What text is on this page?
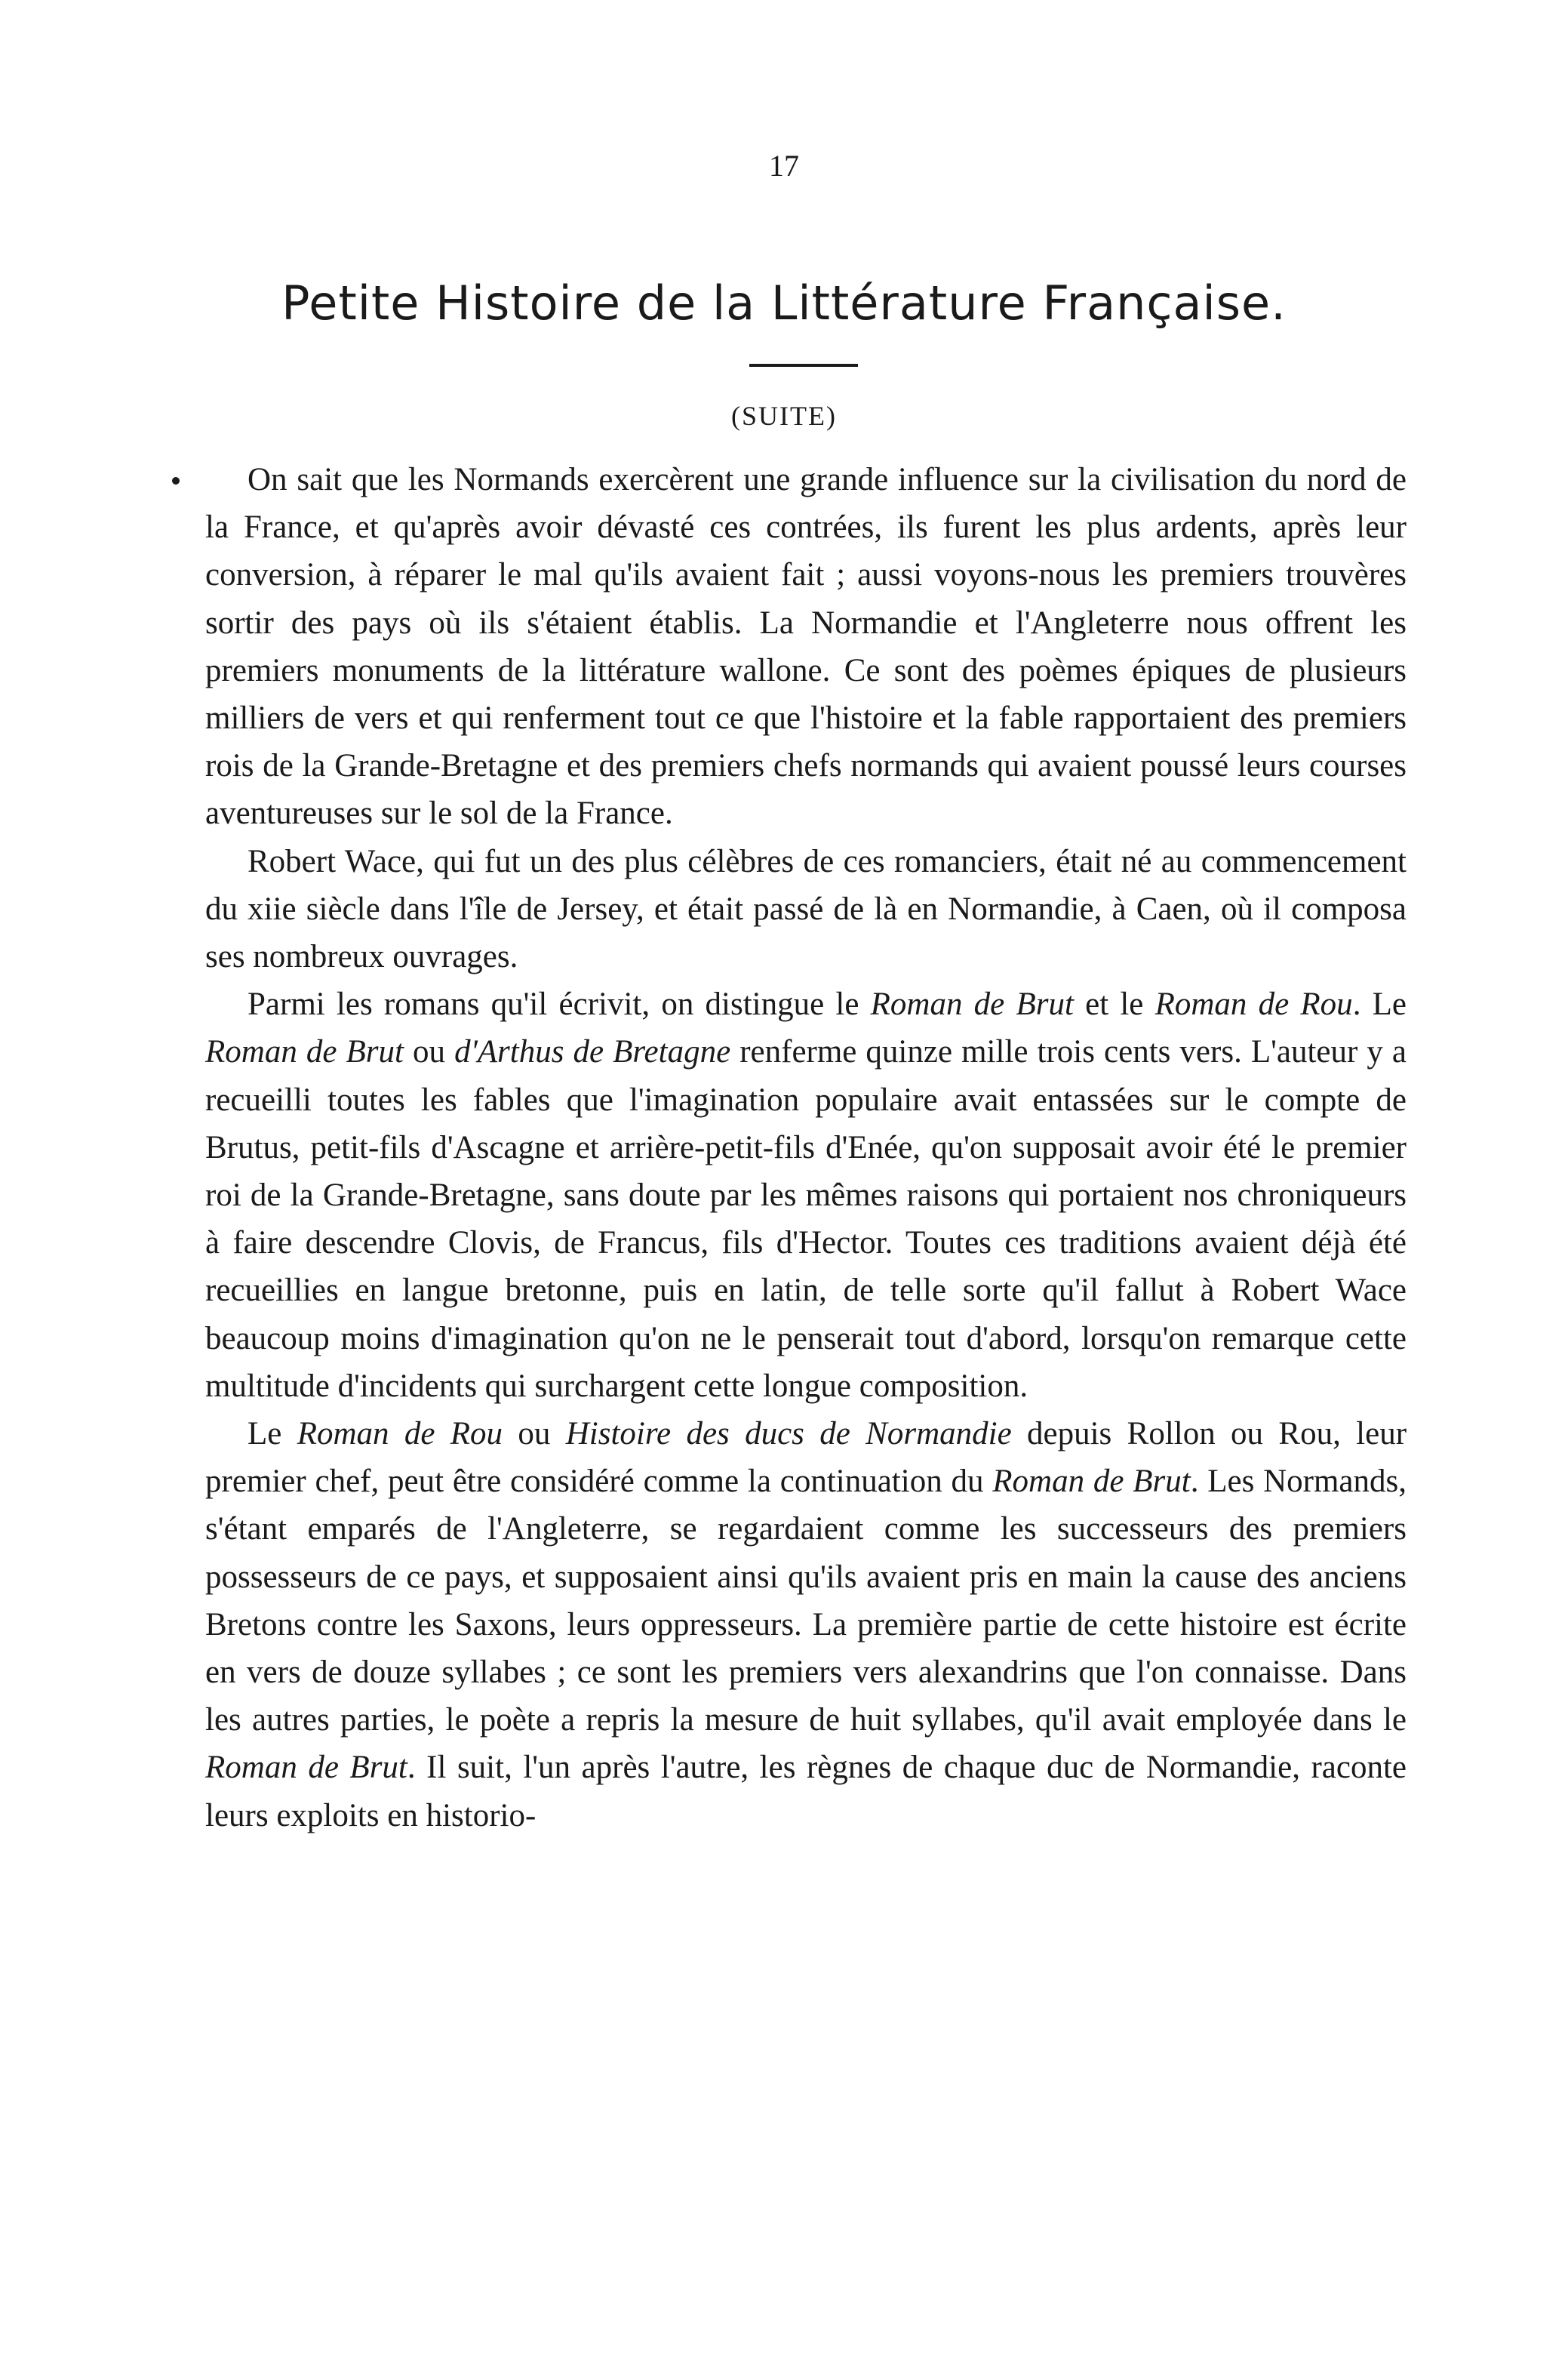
17
Petite Histoire de la Littérature Française.
(SUITE)

On sait que les Normands exercèrent une grande influence sur la civilisation du nord de la France, et qu'après avoir dévasté ces contrées, ils furent les plus ardents, après leur conversion, à réparer le mal qu'ils avaient fait ; aussi voyons-nous les premiers trouvères sortir des pays où ils s'étaient établis. La Normandie et l'Angleterre nous offrent les premiers monuments de la littérature wallone. Ce sont des poèmes épiques de plusieurs milliers de vers et qui renferment tout ce que l'histoire et la fable rapportaient des premiers rois de la Grande-Bretagne et des premiers chefs normands qui avaient poussé leurs courses aventureuses sur le sol de la France.

Robert Wace, qui fut un des plus célèbres de ces romanciers, était né au commencement du xiie siècle dans l'île de Jersey, et était passé de là en Normandie, à Caen, où il composa ses nombreux ouvrages.

Parmi les romans qu'il écrivit, on distingue le Roman de Brut et le Roman de Rou. Le Roman de Brut ou d'Arthus de Bretagne renferme quinze mille trois cents vers. L'auteur y a recueilli toutes les fables que l'imagination populaire avait entassées sur le compte de Brutus, petit-fils d'Ascagne et arrière-petit-fils d'Enée, qu'on supposait avoir été le premier roi de la Grande-Bretagne, sans doute par les mêmes raisons qui portaient nos chroniqueurs à faire descendre Clovis, de Francus, fils d'Hector. Toutes ces traditions avaient déjà été recueillies en langue bretonne, puis en latin, de telle sorte qu'il fallut à Robert Wace beaucoup moins d'imagination qu'on ne le penserait tout d'abord, lorsqu'on remarque cette multitude d'incidents qui surchargent cette longue composition.

Le Roman de Rou ou Histoire des ducs de Normandie depuis Rollon ou Rou, leur premier chef, peut être considéré comme la continuation du Roman de Brut. Les Normands, s'étant emparés de l'Angleterre, se regardaient comme les successeurs des premiers possesseurs de ce pays, et supposaient ainsi qu'ils avaient pris en main la cause des anciens Bretons contre les Saxons, leurs oppresseurs. La première partie de cette histoire est écrite en vers de douze syllabes ; ce sont les premiers vers alexandrins que l'on connaisse. Dans les autres parties, le poète a repris la mesure de huit syllabes, qu'il avait employée dans le Roman de Brut. Il suit, l'un après l'autre, les règnes de chaque duc de Normandie, raconte leurs exploits en historio-
